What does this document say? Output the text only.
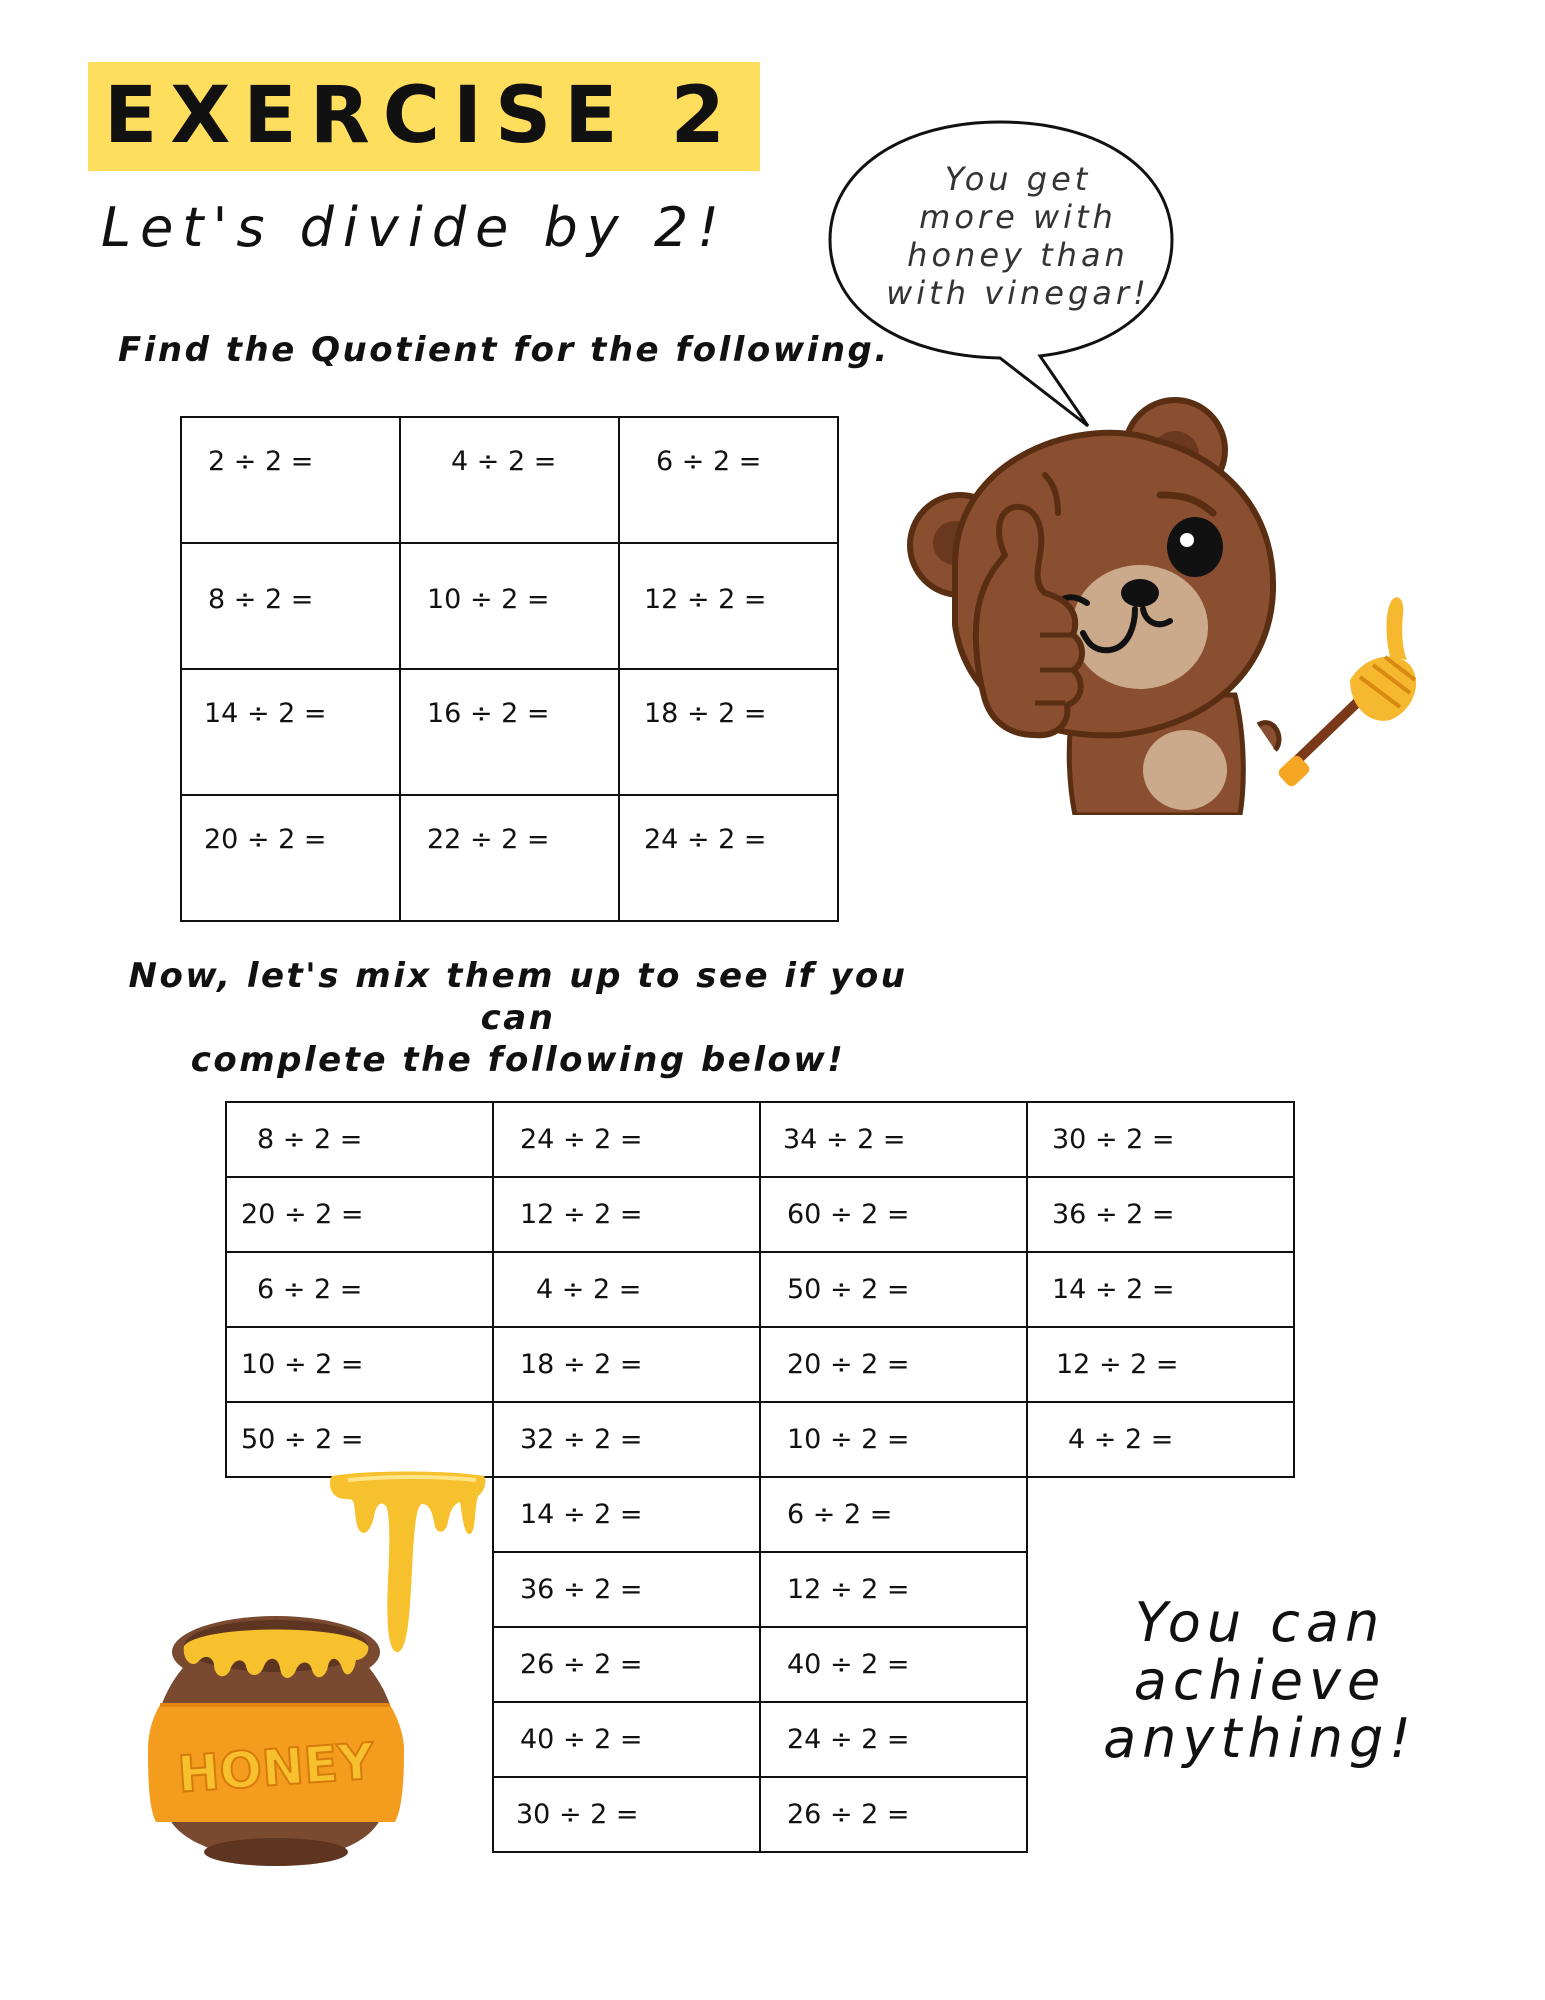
EXERCISE 2
Let's divide by 2!
Find the Quotient for the following.
2 ÷ 2 =	4 ÷ 2 =	6 ÷ 2 =
8 ÷ 2 =	10 ÷ 2 =	12 ÷ 2 =
14 ÷ 2 =	16 ÷ 2 =	18 ÷ 2 =
20 ÷ 2 =	22 ÷ 2 =	24 ÷ 2 =
Now, let's mix them up to see if you can
complete the following below!
8 ÷ 2 =	24 ÷ 2 =	34 ÷ 2 =	30 ÷ 2 =
20 ÷ 2 =	12 ÷ 2 =	60 ÷ 2 =	36 ÷ 2 =
6 ÷ 2 =	4 ÷ 2 =	50 ÷ 2 =	14 ÷ 2 =
10 ÷ 2 =	18 ÷ 2 =	20 ÷ 2 =	12 ÷ 2 =
50 ÷ 2 =	32 ÷ 2 =	10 ÷ 2 =	4 ÷ 2 =
14 ÷ 2 =	6 ÷ 2 =
36 ÷ 2 =	12 ÷ 2 =
26 ÷ 2 =	40 ÷ 2 =
40 ÷ 2 =	24 ÷ 2 =
30 ÷ 2 =	26 ÷ 2 =
You get
more with
honey than
with vinegar!
HONEY
You can
achieve
anything!
